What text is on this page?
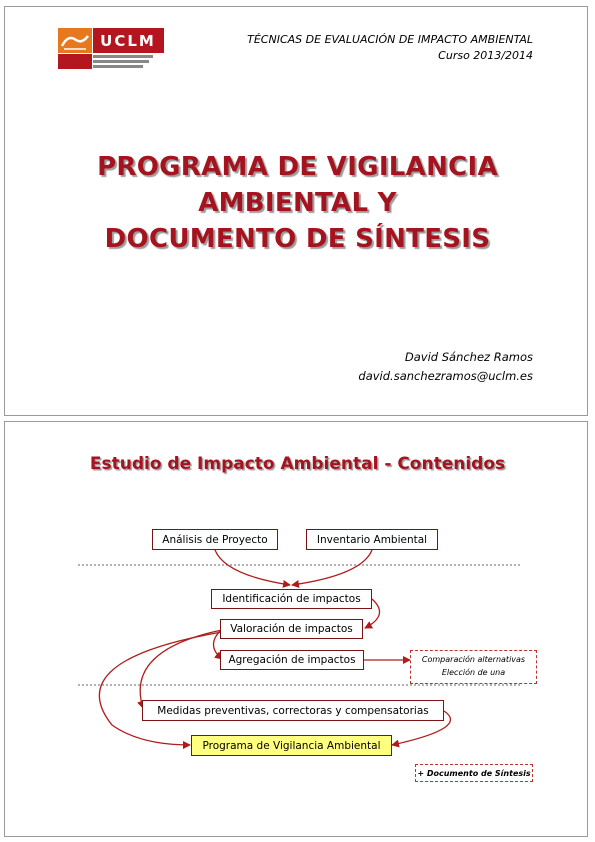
UCLM	TÉCNICAS DE EVALUACIÓN DE IMPACTO AMBIENTAL
Curso 2013/2014
PROGRAMA DE VIGILANCIA
AMBIENTAL Y
DOCUMENTO DE SÍNTESIS
David Sánchez Ramos
david.sanchezramos@uclm.es
Estudio de Impacto Ambiental - Contenidos
Análisis de Proyecto	Inventario Ambiental
Identificación de impactos
Valoración de impactos
Agregación de impactos	Comparación alternativas
Elección de una
Medidas preventivas, correctoras y compensatorias
Programa de Vigilancia Ambiental
+ Documento de Síntesis
